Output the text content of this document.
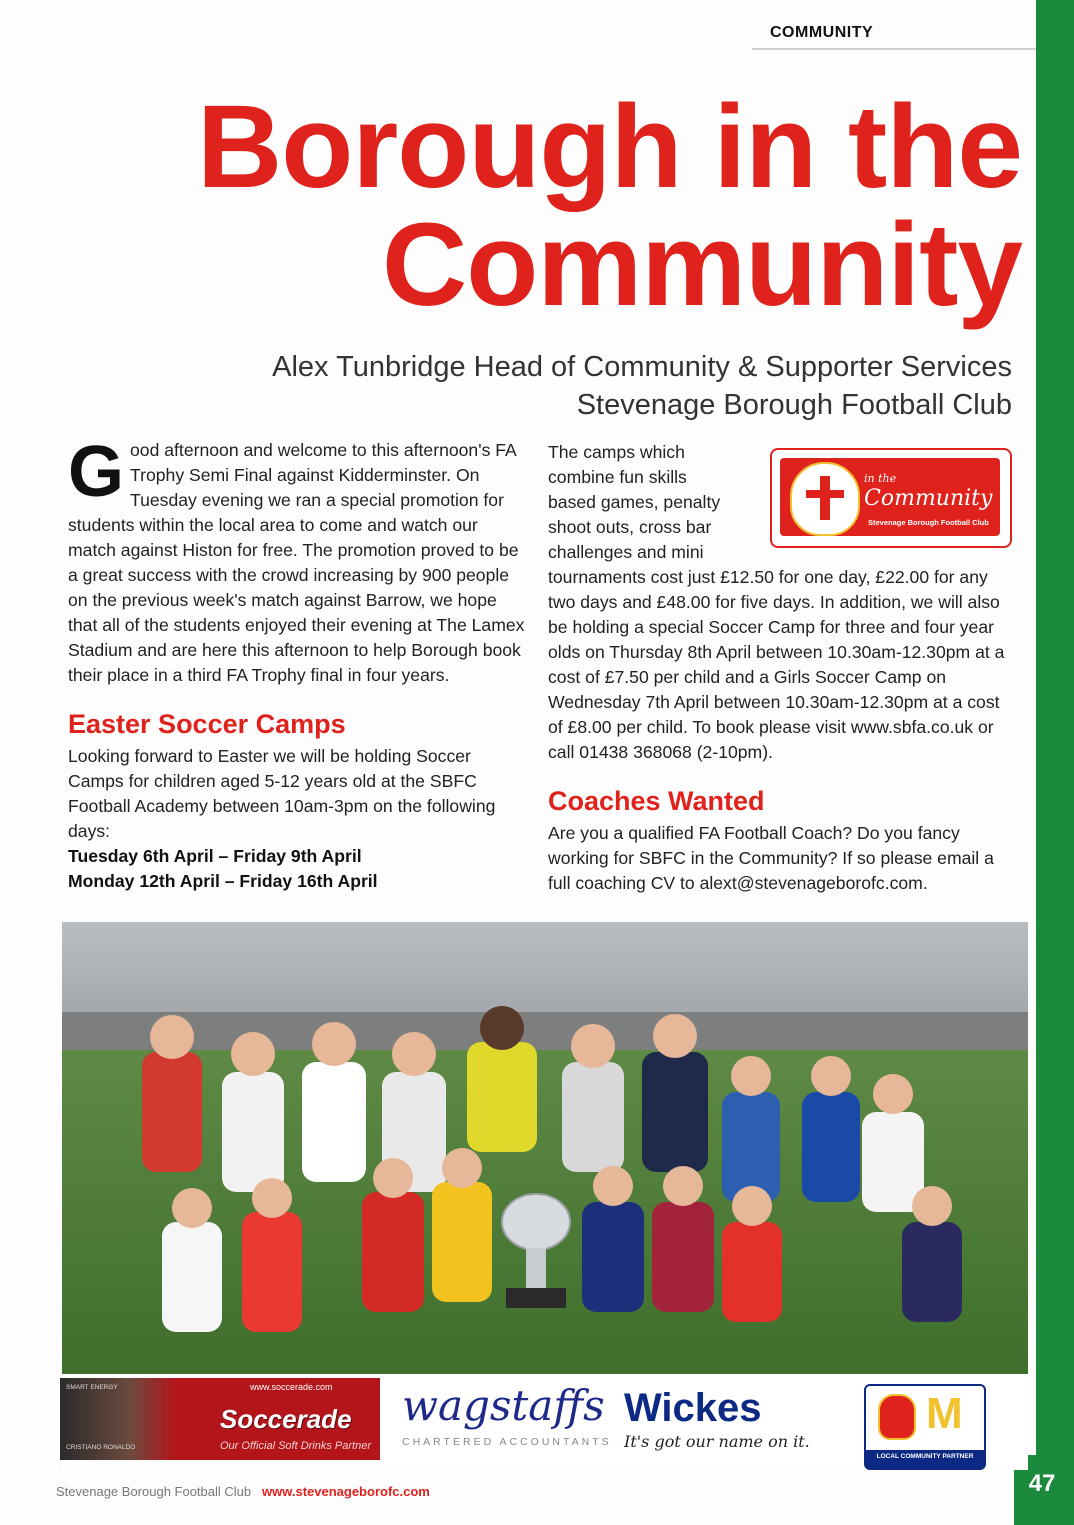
47
COMMUNITY
Borough in the
Community
Alex Tunbridge Head of Community & Supporter Services
Stevenage Borough Football Club

Good afternoon and welcome to this afternoon's FA Trophy Semi Final against Kidderminster. On Tuesday evening we ran a special promotion for students within the local area to come and watch our match against Histon for free. The promotion proved to be a great success with the crowd increasing by 900 people on the previous week's match against Barrow, we hope that all of the students enjoyed their evening at The Lamex Stadium and are here this afternoon to help Borough book their place in a third FA Trophy final in four years.

Easter Soccer Camps

Looking forward to Easter we will be holding Soccer Camps for children aged 5-12 years old at the SBFC Football Academy between 10am-3pm on the following days:

Tuesday 6th April – Friday 9th April
Monday 12th April – Friday 16th April
The camps which
combine fun skills
based games, penalty
shoot outs, cross bar
challenges and mini

tournaments cost just £12.50 for one day, £22.00 for any two days and £48.00 for five days. In addition, we will also be holding a special Soccer Camp for three and four year olds on Thursday 8th April between 10.30am-12.30pm at a cost of £7.50 per child and a Girls Soccer Camp on Wednesday 7th April between 10.30am-12.30pm at a cost of £8.00 per child. To book please visit www.sbfa.co.uk or call 01438 368068 (2-10pm).

Coaches Wanted

Are you a qualified FA Football Coach? Do you fancy working for SBFC in the Community? If so please email a full coaching CV to alext@stevenageborofc.com.

in the
Community
Stevenage Borough Football Club
SMART ENERGY
CRISTIANO RONALDO
www.soccerade.com
Soccerade
Our Official Soft Drinks Partner
wagstaffs
CHARTERED ACCOUNTANTS
Wickes
It's got our name on it.
M
LOCAL COMMUNITY PARTNER
Stevenage Borough Football Club www.stevenageborofc.com
